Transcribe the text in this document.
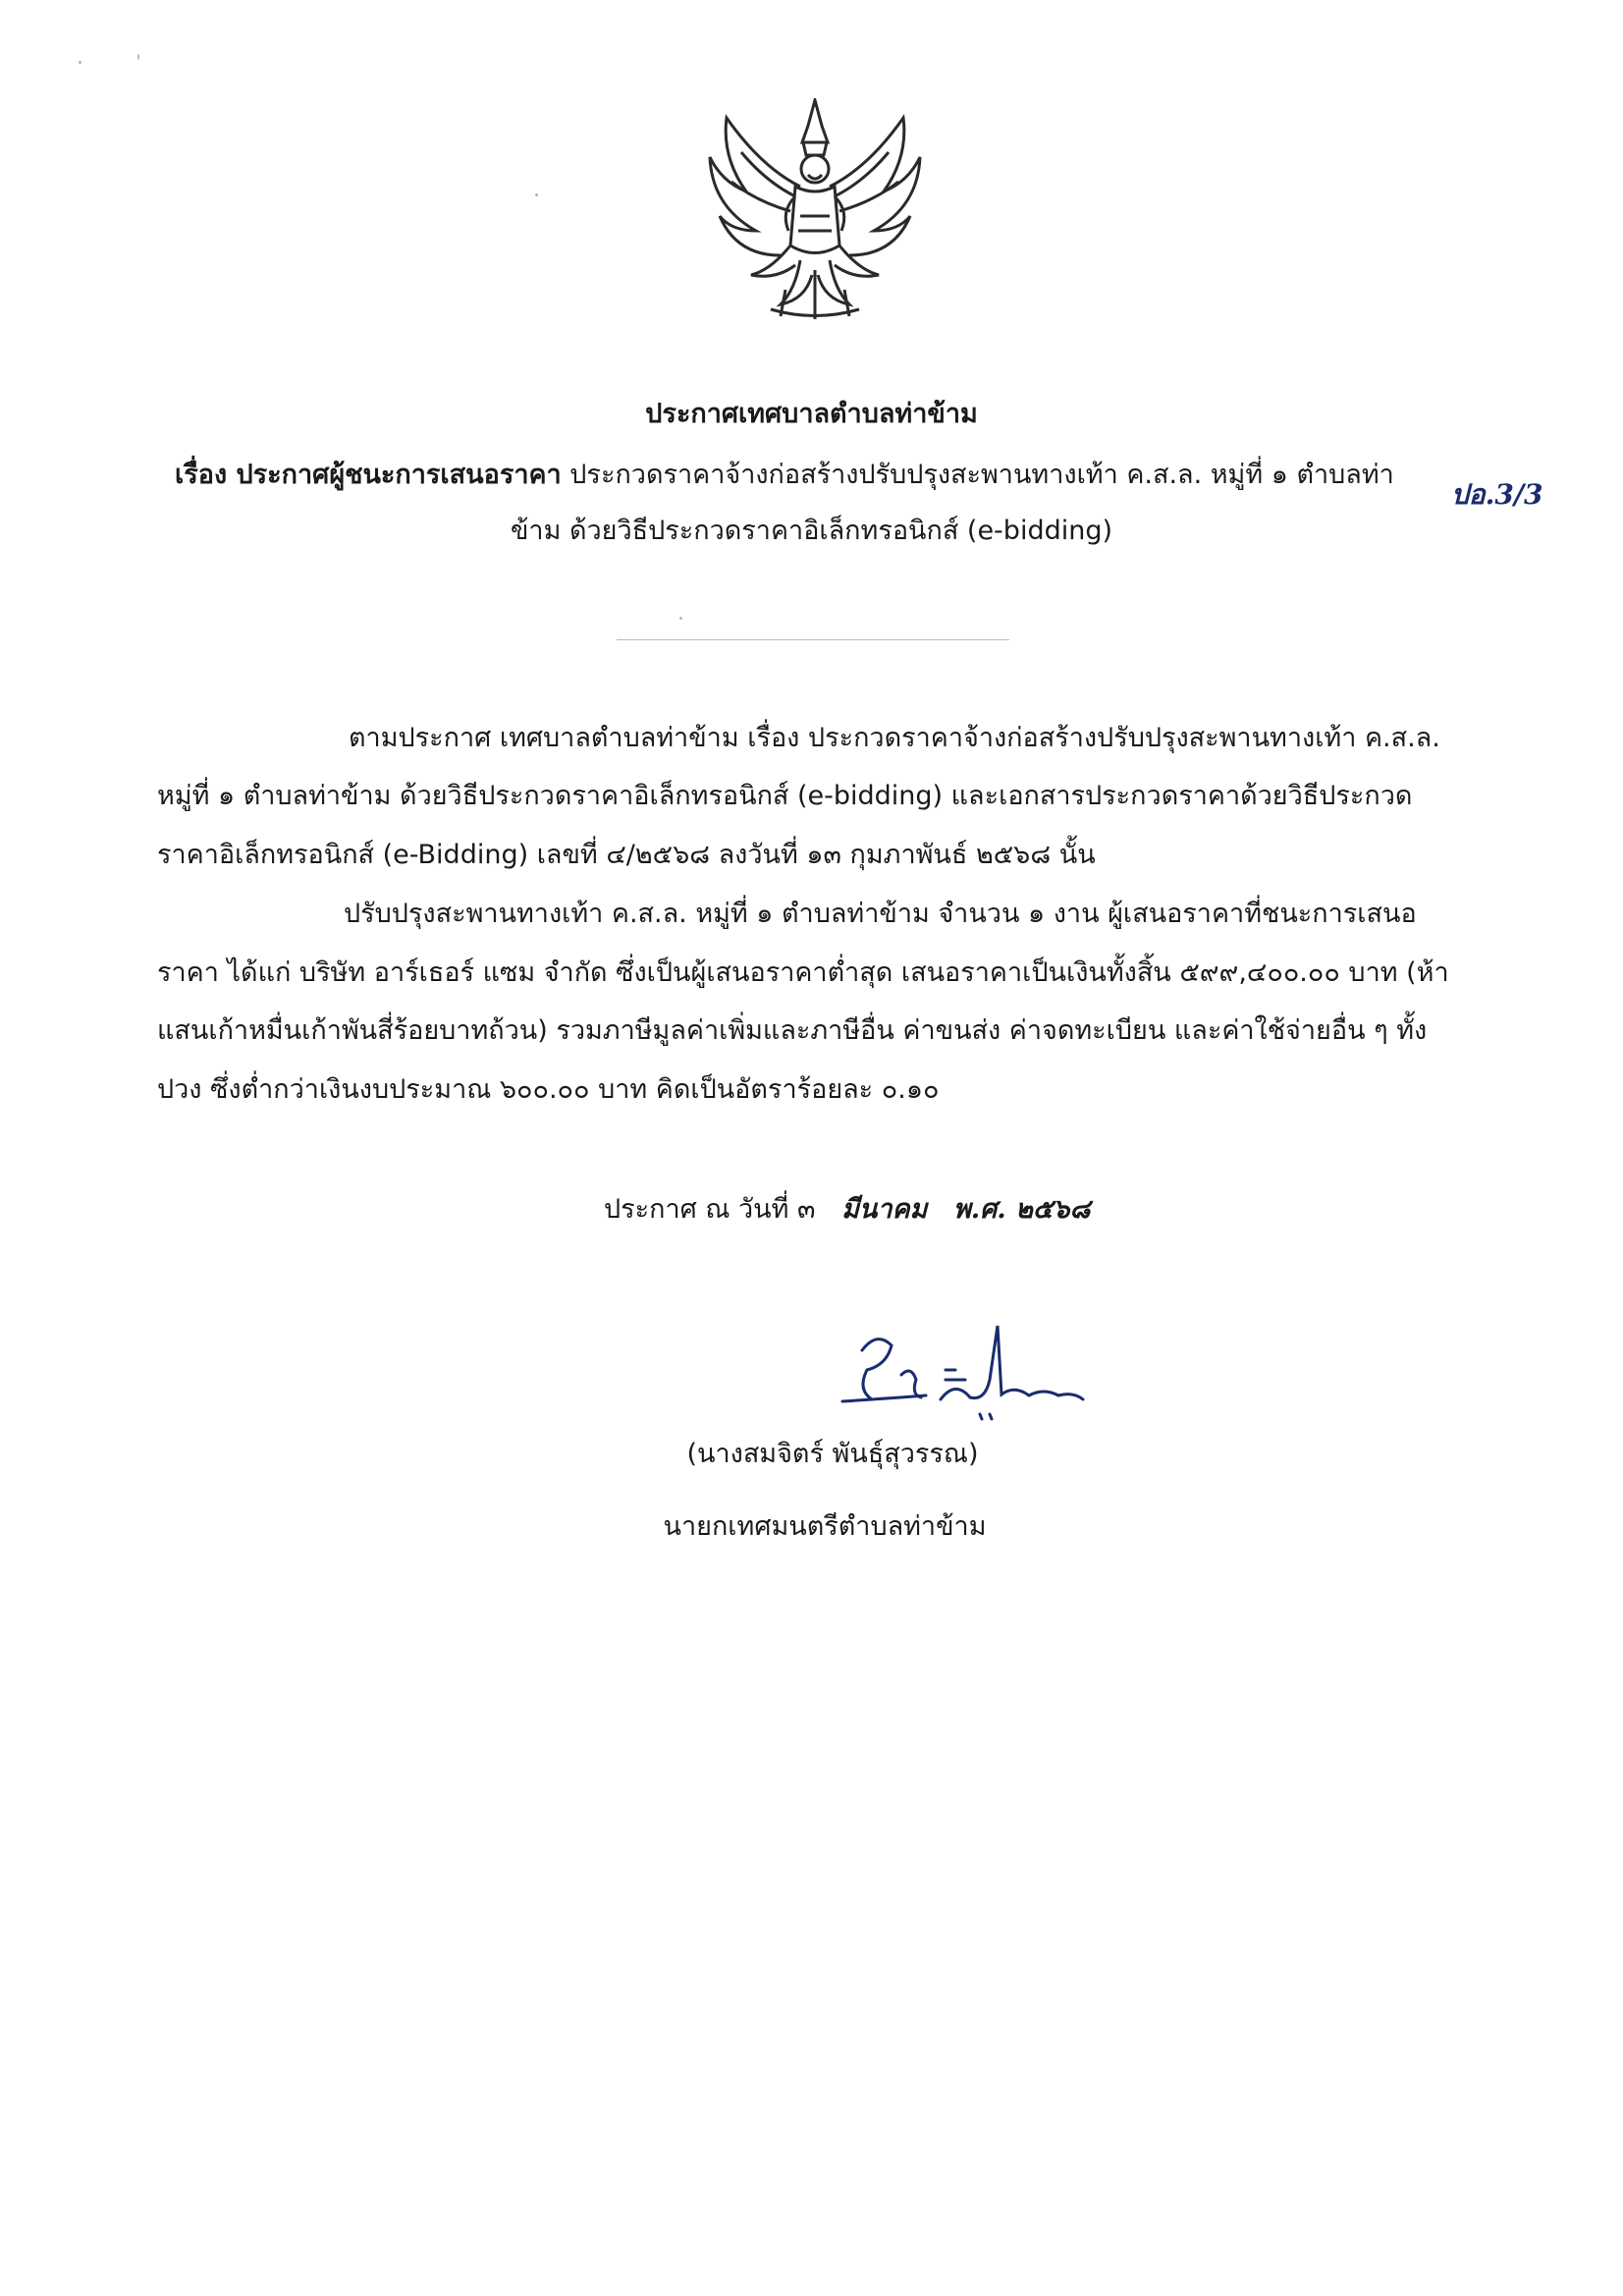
ประกาศเทศบาลตำบลท่าข้าม
เรื่อง ประกาศผู้ชนะการเสนอราคา ประกวดราคาจ้างก่อสร้างปรับปรุงสะพานทางเท้า ค.ส.ล. หมู่ที่ ๑ ตำบลท่า
ปอ.3/3
ข้าม ด้วยวิธีประกวดราคาอิเล็กทรอนิกส์ (e-bidding)
ตามประกาศ เทศบาลตำบลท่าข้าม เรื่อง ประกวดราคาจ้างก่อสร้างปรับปรุงสะพานทางเท้า ค.ส.ล.
หมู่ที่ ๑ ตำบลท่าข้าม ด้วยวิธีประกวดราคาอิเล็กทรอนิกส์ (e-bidding) และเอกสารประกวดราคาด้วยวิธีประกวด
ราคาอิเล็กทรอนิกส์ (e-Bidding) เลขที่ ๔/๒๕๖๘ ลงวันที่ ๑๓ กุมภาพันธ์ ๒๕๖๘ นั้น
ปรับปรุงสะพานทางเท้า ค.ส.ล. หมู่ที่ ๑ ตำบลท่าข้าม จำนวน ๑ งาน ผู้เสนอราคาที่ชนะการเสนอ
ราคา ได้แก่ บริษัท อาร์เธอร์ แซม จำกัด ซึ่งเป็นผู้เสนอราคาต่ำสุด เสนอราคาเป็นเงินทั้งสิ้น ๕๙๙,๔๐๐.๐๐ บาท (ห้า
แสนเก้าหมื่นเก้าพันสี่ร้อยบาทถ้วน) รวมภาษีมูลค่าเพิ่มและภาษีอื่น ค่าขนส่ง ค่าจดทะเบียน และค่าใช้จ่ายอื่น ๆ ทั้ง
ปวง ซึ่งต่ำกว่าเงินงบประมาณ ๖๐๐.๐๐ บาท คิดเป็นอัตราร้อยละ ๐.๑๐
ประกาศ ณ วันที่ ๓ มีนาคม พ.ศ. ๒๕๖๘
(นางสมจิตร์ พันธุ์สุวรรณ)
นายกเทศมนตรีตำบลท่าข้าม
